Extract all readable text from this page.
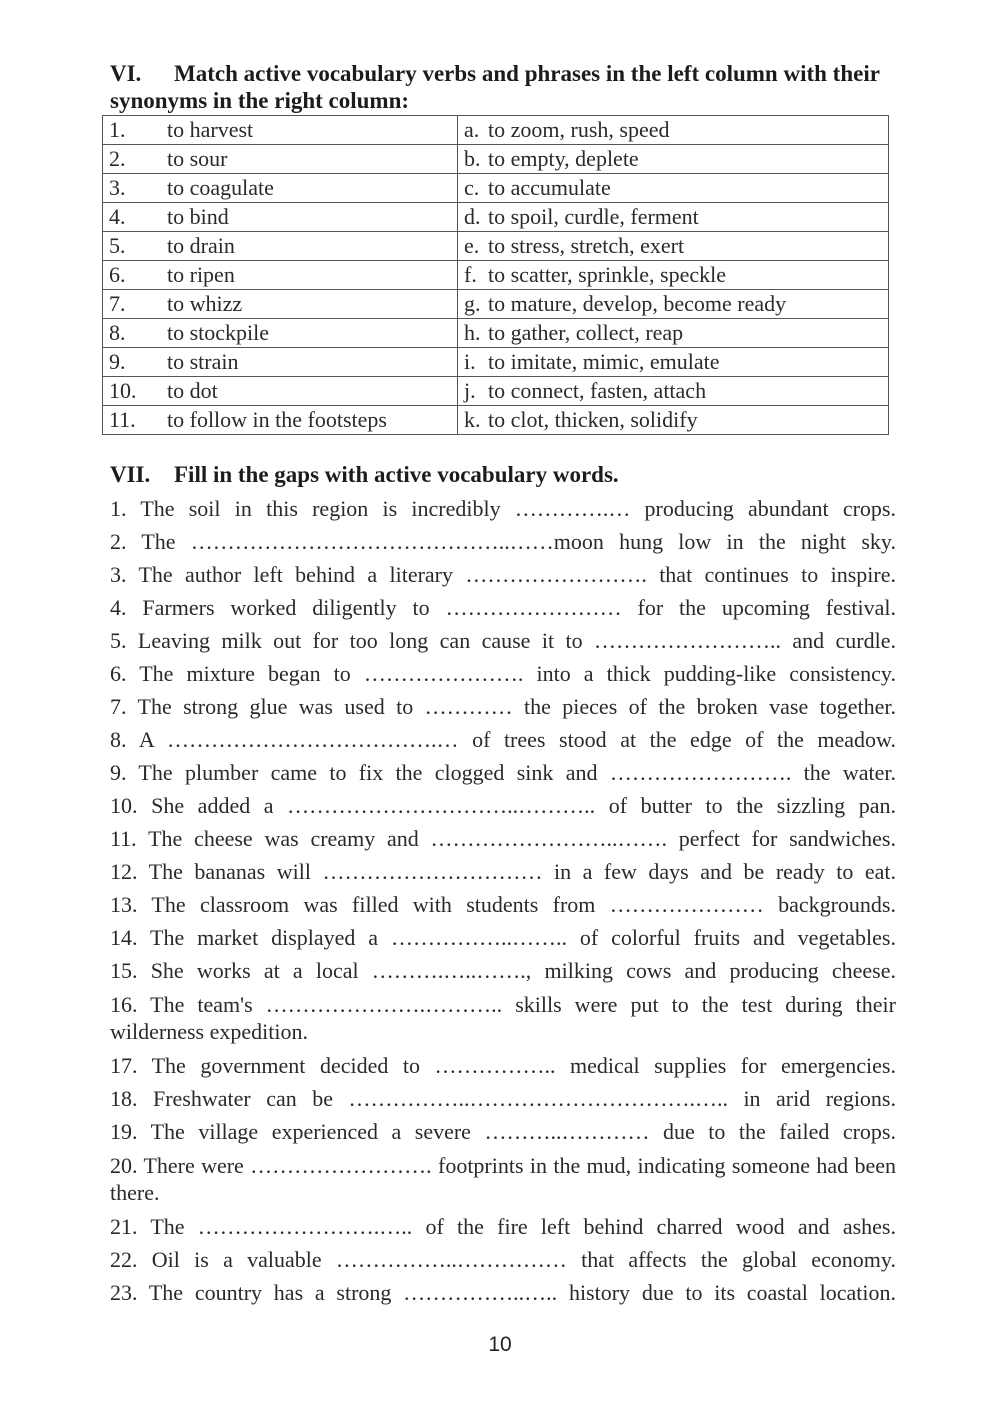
VI. Match active vocabulary verbs and phrases in the left column with their synonyms in the right column:
1. to harvest	a. to zoom, rush, speed
2. to sour	b. to empty, deplete
3. to coagulate	c. to accumulate
4. to bind	d. to spoil, curdle, ferment
5. to drain	e. to stress, stretch, exert
6. to ripen	f. to scatter, sprinkle, speckle
7. to whizz	g. to mature, develop, become ready
8. to stockpile	h. to gather, collect, reap
9. to strain	i. to imitate, mimic, emulate
10. to dot	j. to connect, fasten, attach
11. to follow in the footsteps	k. to clot, thicken, solidify
VII. Fill in the gaps with active vocabulary words.
1. The soil in this region is incredibly ………….… producing abundant crops.
2. The ……………………………………..……moon hung low in the night sky.
3. The author left behind a literary ……………………. that continues to inspire.
4. Farmers worked diligently to …………………… for the upcoming festival.
5. Leaving milk out for too long can cause it to …………………….. and curdle.
6. The mixture began to …………………. into a thick pudding-like consistency.
7. The strong glue was used to ………… the pieces of the broken vase together.
8. A ……………………………….… of trees stood at the edge of the meadow.
9. The plumber came to fix the clogged sink and ……………………. the water.
10. She added a …………………………..……….. of butter to the sizzling pan.
11. The cheese was creamy and ……………………..……. perfect for sandwiches.
12. The bananas will ………………………… in a few days and be ready to eat.
13. The classroom was filled with students from ………………… backgrounds.
14. The market displayed a ……………..…….. of colorful fruits and vegetables.
15. She works at a local ……….…..……., milking cows and producing cheese.
16. The team's ………………….……….. skills were put to the test during their wilderness expedition.
17. The government decided to …………….. medical supplies for emergencies.
18. Freshwater can be ……………..………………………….….. in arid regions.
19. The village experienced a severe ………..………… due to the failed crops.
20. There were ……………………. footprints in the mud, indicating someone had been there.
21. The …………………….….. of the fire left behind charred wood and ashes.
22. Oil is a valuable ……………..…………… that affects the global economy.
23. The country has a strong ……………..….. history due to its coastal location.
10
